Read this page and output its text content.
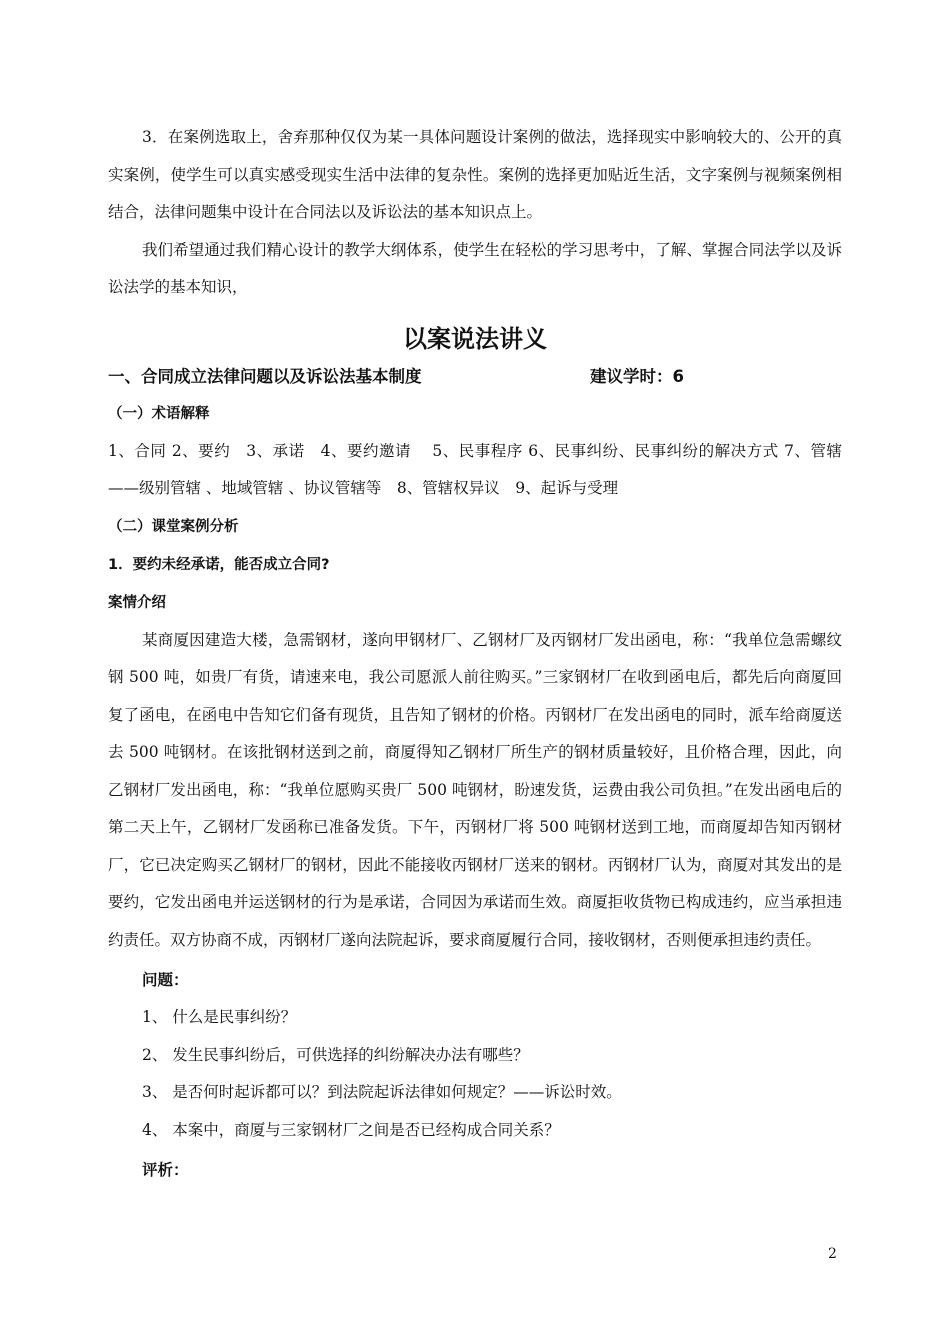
3．在案例选取上，舍弃那种仅仅为某一具体问题设计案例的做法，选择现实中影响较大的、公开的真实案例，使学生可以真实感受现实生活中法律的复杂性。案例的选择更加贴近生活，文字案例与视频案例相结合，法律问题集中设计在合同法以及诉讼法的基本知识点上。

我们希望通过我们精心设计的教学大纲体系，使学生在轻松的学习思考中，了解、掌握合同法学以及诉讼法学的基本知识，

以案说法讲义
一、合同成立法律问题以及诉讼法基本制度	建议学时：6
（一）术语解释

1、合同 2、要约　3、承诺　4、要约邀请　 5、民事程序 6、民事纠纷、民事纠纷的解决方式 7、管辖——级别管辖 、地域管辖 、协议管辖等　8、管辖权异议　9、起诉与受理

（二）课堂案例分析
1．要约未经承诺，能否成立合同?
案情介绍

某商厦因建造大楼，急需钢材，遂向甲钢材厂、乙钢材厂及丙钢材厂发出函电，称：“我单位急需螺纹钢 500 吨，如贵厂有货，请速来电，我公司愿派人前往购买。”三家钢材厂在收到函电后，都先后向商厦回复了函电，在函电中告知它们备有现货，且告知了钢材的价格。丙钢材厂在发出函电的同时，派车给商厦送去 500 吨钢材。在该批钢材送到之前，商厦得知乙钢材厂所生产的钢材质量较好，且价格合理，因此，向乙钢材厂发出函电，称：“我单位愿购买贵厂 500 吨钢材，盼速发货，运费由我公司负担。”在发出函电后的第二天上午，乙钢材厂发函称已准备发货。下午，丙钢材厂将 500 吨钢材送到工地，而商厦却告知丙钢材厂，它已决定购买乙钢材厂的钢材，因此不能接收丙钢材厂送来的钢材。丙钢材厂认为，商厦对其发出的是要约，它发出函电并运送钢材的行为是承诺，合同因为承诺而生效。商厦拒收货物已构成违约，应当承担违约责任。双方协商不成，丙钢材厂遂向法院起诉，要求商厦履行合同，接收钢材，否则便承担违约责任。

问题：
1、 什么是民事纠纷？
2、 发生民事纠纷后，可供选择的纠纷解决办法有哪些？
3、 是否何时起诉都可以？到法院起诉法律如何规定？——诉讼时效。
4、 本案中，商厦与三家钢材厂之间是否已经构成合同关系？
评析：
2
